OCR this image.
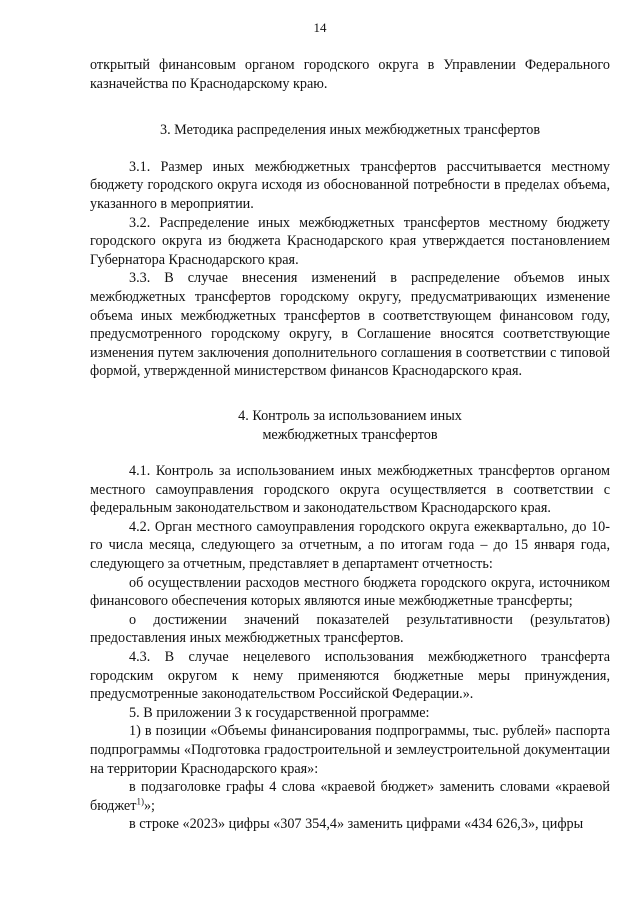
14

открытый финансовым органом городского округа в Управлении Федерального казначейства по Краснодарскому краю.

3. Методика распределения иных межбюджетных трансфертов

3.1. Размер иных межбюджетных трансфертов рассчитывается местному бюджету городского округа исходя из обоснованной потребности в пределах объема, указанного в мероприятии.

3.2. Распределение иных межбюджетных трансфертов местному бюджету городского округа из бюджета Краснодарского края утверждается постановлением Губернатора Краснодарского края.

3.3. В случае внесения изменений в распределение объемов иных межбюджетных трансфертов городскому округу, предусматривающих изменение объема иных межбюджетных трансфертов в соответствующем финансовом году, предусмотренного городскому округу, в Соглашение вносятся соответствующие изменения путем заключения дополнительного соглашения в соответствии с типовой формой, утвержденной министерством финансов Краснодарского края.

4. Контроль за использованием иных
межбюджетных трансфертов

4.1. Контроль за использованием иных межбюджетных трансфертов органом местного самоуправления городского округа осуществляется в соответствии с федеральным законодательством и законодательством Краснодарского края.

4.2. Орган местного самоуправления городского округа ежеквартально, до 10-го числа месяца, следующего за отчетным, а по итогам года – до 15 января года, следующего за отчетным, представляет в департамент отчетность:

об осуществлении расходов местного бюджета городского округа, источником финансового обеспечения которых являются иные межбюджетные трансферты;

о достижении значений показателей результативности (результатов) предоставления иных межбюджетных трансфертов.

4.3. В случае нецелевого использования межбюджетного трансферта городским округом к нему применяются бюджетные меры принуждения, предусмотренные законодательством Российской Федерации.».

5. В приложении 3 к государственной программе:

1) в позиции «Объемы финансирования подпрограммы, тыс. рублей» паспорта подпрограммы «Подготовка градостроительной и землеустроительной документации на территории Краснодарского края»:

в подзаголовке графы 4 слова «краевой бюджет» заменить словами «краевой бюджет$^{1)}$»;

в строке «2023» цифры «307 354,4» заменить цифрами «434 626,3», цифры
